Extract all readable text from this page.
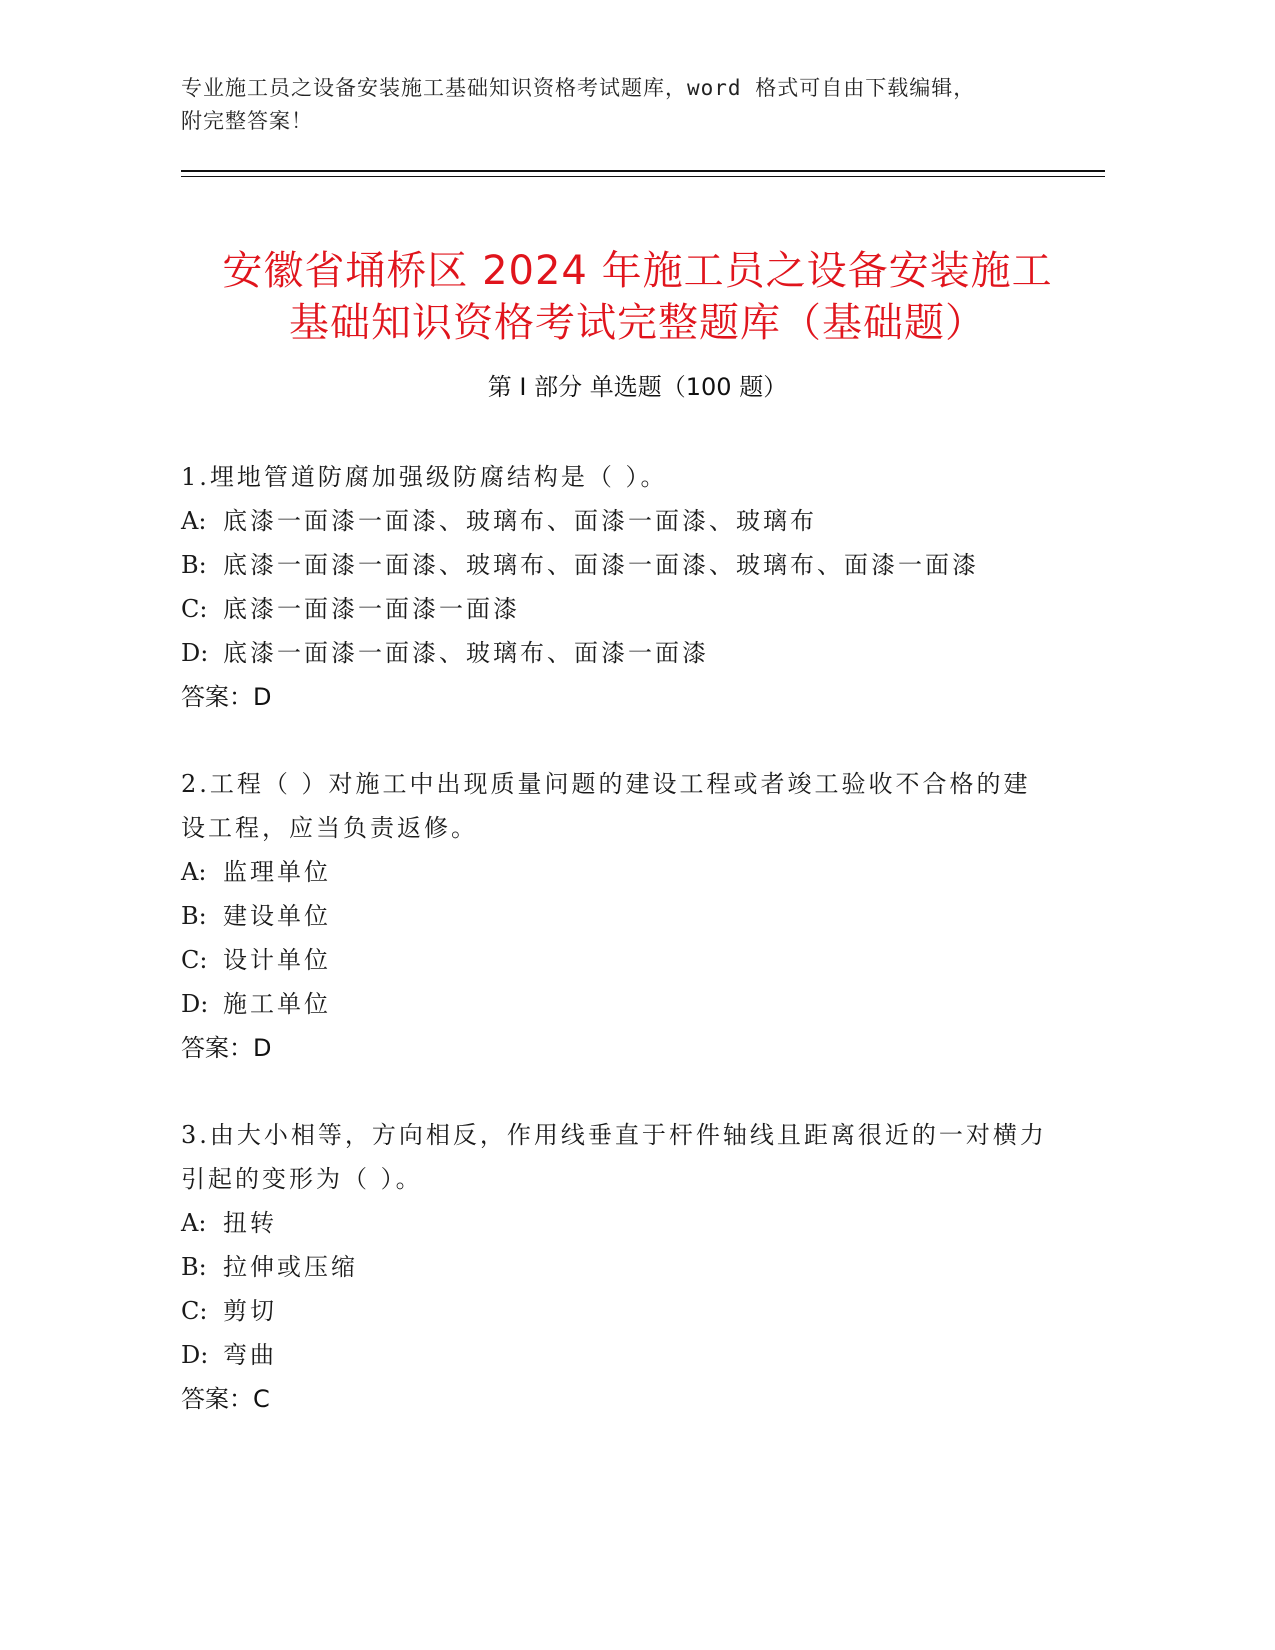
专业施工员之设备安装施工基础知识资格考试题库，word 格式可自由下载编辑，
附完整答案！
安徽省埇桥区 2024 年施工员之设备安装施工
基础知识资格考试完整题库（基础题）
第 I 部分 单选题（100 题）
1.埋地管道防腐加强级防腐结构是（ ）。
A: 底漆一面漆一面漆、玻璃布、面漆一面漆、玻璃布
B: 底漆一面漆一面漆、玻璃布、面漆一面漆、玻璃布、面漆一面漆
C: 底漆一面漆一面漆一面漆
D: 底漆一面漆一面漆、玻璃布、面漆一面漆
答案：D
2.工程（ ）对施工中出现质量问题的建设工程或者竣工验收不合格的建设工程，应当负责返修。
A: 监理单位
B: 建设单位
C: 设计单位
D: 施工单位
答案：D
3.由大小相等，方向相反，作用线垂直于杆件轴线且距离很近的一对横力引起的变形为（ ）。
A: 扭转
B: 拉伸或压缩
C: 剪切
D: 弯曲
答案：C
